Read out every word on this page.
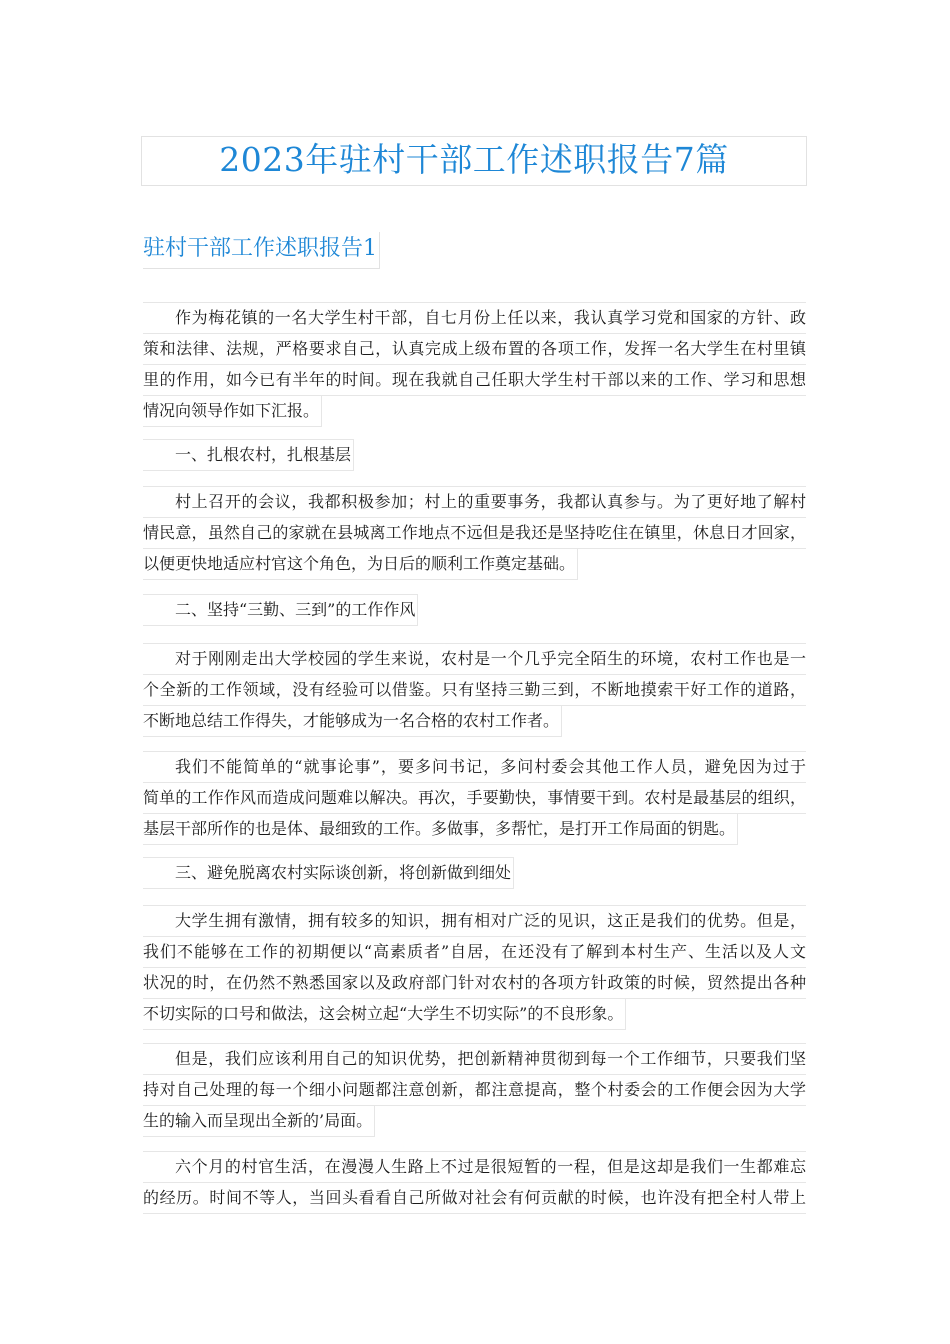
2023年驻村干部工作述职报告7篇
驻村干部工作述职报告1
作为梅花镇的一名大学生村干部，自七月份上任以来，我认真学习党和国家的方针、政
策和法律、法规，严格要求自己，认真完成上级布置的各项工作，发挥一名大学生在村里镇
里的作用，如今已有半年的时间。现在我就自己任职大学生村干部以来的工作、学习和思想
情况向领导作如下汇报。
一、扎根农村，扎根基层
村上召开的会议，我都积极参加；村上的重要事务，我都认真参与。为了更好地了解村
情民意，虽然自己的家就在县城离工作地点不远但是我还是坚持吃住在镇里，休息日才回家，
以便更快地适应村官这个角色，为日后的顺利工作奠定基础。
二、坚持“三勤、三到”的工作作风
对于刚刚走出大学校园的学生来说，农村是一个几乎完全陌生的环境，农村工作也是一
个全新的工作领域，没有经验可以借鉴。只有坚持三勤三到，不断地摸索干好工作的道路，
不断地总结工作得失，才能够成为一名合格的农村工作者。
我们不能简单的“就事论事”，要多问书记，多问村委会其他工作人员，避免因为过于
简单的工作作风而造成问题难以解决。再次，手要勤快，事情要干到。农村是最基层的组织，
基层干部所作的也是体、最细致的工作。多做事，多帮忙，是打开工作局面的钥匙。
三、避免脱离农村实际谈创新，将创新做到细处
大学生拥有激情，拥有较多的知识，拥有相对广泛的见识，这正是我们的优势。但是，
我们不能够在工作的初期便以“高素质者”自居，在还没有了解到本村生产、生活以及人文
状况的时，在仍然不熟悉国家以及政府部门针对农村的各项方针政策的时候，贸然提出各种
不切实际的口号和做法，这会树立起“大学生不切实际”的不良形象。
但是，我们应该利用自己的知识优势，把创新精神贯彻到每一个工作细节，只要我们坚
持对自己处理的每一个细小问题都注意创新，都注意提高，整个村委会的工作便会因为大学
生的输入而呈现出全新的’局面。
六个月的村官生活，在漫漫人生路上不过是很短暂的一程，但是这却是我们一生都难忘
的经历。时间不等人，当回头看看自己所做对社会有何贡献的时候，也许没有把全村人带上
